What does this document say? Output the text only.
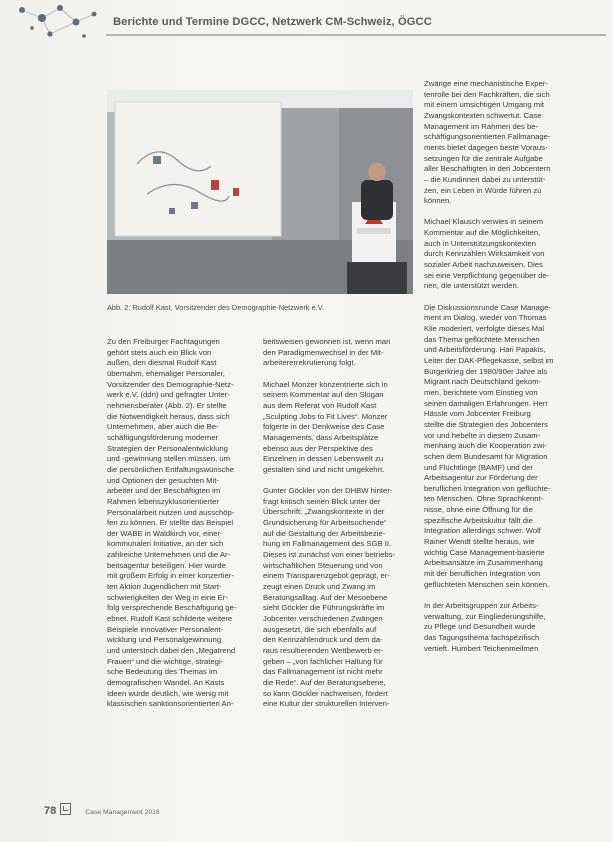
Berichte und Termine DGCC, Netzwerk CM-Schweiz, ÖGCC
Abb. 2: Rudolf Kast, Vorsitzender des Demographie-Netzwerk e.V.

Zu den Freiburger Fachtagungen
gehört stets auch ein Blick von
außen, den diesmal Rudolf Kast
übernahm, ehemaliger Personaler,
Vorsitzender des Demographie-Netz-
werk e.V. (ddn) und gefragter Unter-
nehmensberater (Abb. 2). Er stellte
die Notwendigkeit heraus, dass sich
Unternehmen, aber auch die Be-
schäftigungsförderung moderner
Strategien der Personalentwicklung
und -gewinnung stellen müssen, um
die persönlichen Entfaltungswünsche
und Optionen der gesuchten Mit-
arbeiter und der Beschäftigten im
Rahmen lebenszyklusorientierter
Personalarbeit nutzen und ausschöp-
fen zu können. Er stellte das Beispiel
der WABE in Waldkirch vor, einer
kommunalen Initiative, an der sich
zahlreiche Unternehmen und die Ar-
beitsagentur beteiligen. Hier wurde
mit großem Erfolg in einer konzertier-
ten Aktion Jugendlichen mit Start-
schwierigkeiten der Weg in eine Er-
folg versprechende Beschäftigung ge-
ebnet. Rudolf Kast schilderte weitere
Beispiele innovativer Personalent-
wicklung und Personalgewinnung
und unterstrich dabei den „Megatrend
Frauen“ und die wichtige, strategi-
sche Bedeutung des Themas im
demografischen Wandel. An Kasts
Ideen wurde deutlich, wie wenig mit
klassischen sanktionsorientierten An-

beitsweisen gewonnen ist, wenn man
den Paradigmenwechsel in der Mit-
arbeitererrekrutierung folgt.

Michael Monzer konzentrierte sich in
seinem Kommentar auf den Slogan
aus dem Referat von Rudolf Kast
„Sculpting Jobs to Fit Lives“. Monzer
folgerte in der Denkweise des Case
Managements, dass Arbeitsplätze
ebenso aus der Perspektive des
Einzelnen in dessen Lebenswelt zu
gestalten sind und nicht umgekehrt.

Gunter Göckler von der DHBW hinter-
fragt kritisch seinen Blick unter der
Überschrift: „Zwangskontexte in der
Grundsicherung für Arbeitsuchende“
auf die Gestaltung der Arbeitsbezie-
hung im Fallmanagement des SGB II.
Dieses ist zunächst von einer betriebs-
wirtschaftlichen Steuerung und von
einem Transparenzgebot geprägt, er-
zeugt einen Druck und Zwang im
Beratungsalltag. Auf der Mesoebene
sieht Göckler die Führungskräfte im
Jobcenter verschiedenen Zwängen
ausgesetzt, die sich ebenfalls auf
den Kennzahlendruck und dem da-
raus resultierenden Wettbewerb er-
geben – „von fachlicher Haltung für
das Fallmanagement ist nicht mehr
die Rede“. Auf der Beratungsebene,
so kann Göckler nachweisen, fördert
eine Kultur der strukturellen Interven-

Zwänge eine mechanistische Exper-
tenrolle bei den Fachkräften, die sich
mit einem umsichtigen Umgang mit
Zwangskontexten schwertut. Case
Management im Rahmen des be-
schäftigungsorientierten Fallmanage-
ments bietet dagegen beste Voraus-
setzungen für die zentrale Aufgabe
aller Beschäftigten in den Jobcentern
– die Kundinnen dabei zu unterstüt-
zen, ein Leben in Würde führen zu
können.

Michael Klausch verwies in seinem
Kommentar auf die Möglichkeiten,
auch in Unterstützungskontexten
durch Kennzahlen Wirksamkeit von
sozialer Arbeit nachzuweisen. Dies
sei eine Verpflichtung gegenüber de-
nen, die unterstützt werden.

Die Diskussionsrunde Case Manage-
ment im Dialog, wieder von Thomas
Klie moderiert, verfolgte dieses Mal
das Thema geflüchtete Menschen
und Arbeitsförderung. Hari Papakis,
Leiter der DAK-Pflegekasse, selbst im
Bürgerkrieg der 1980/90er Jahre als
Migrant nach Deutschland gekom-
men, berichtete vom Einstieg von
seinen damaligen Erfahrungen. Herr
Hässle vom Jobcenter Freiburg
stellte die Strategien des Jobcenters
vor und hebelte in diesem Zusam-
menhang auch die Kooperation zwi-
schen dem Bundesamt für Migration
und Flüchtlinge (BAMF) und der
Arbeitsagentur zur Förderung der
beruflichen Integration von geflüchte-
ten Menschen. Ohne Sprachkennt-
nisse, ohne eine Öffnung für die
spezifische Arbeitskultur fällt die
Integration allerdings schwer. Wolf
Rainer Wendt stellte heraus, wie
wichtig Case Management-basierte
Arbeitsansätze im Zusammenhang
mit der beruflichen Integration von
geflüchteten Menschen sein können.

In der Arbeitsgruppen zur Arbeits-
verwaltung, zur Eingliederungshilfe,
zu Pflege und Gesundheit wurde
das Tagungsthema fachspezifisch
vertieft. Humbert Teichenmeilmen

78	Case Management 2016
